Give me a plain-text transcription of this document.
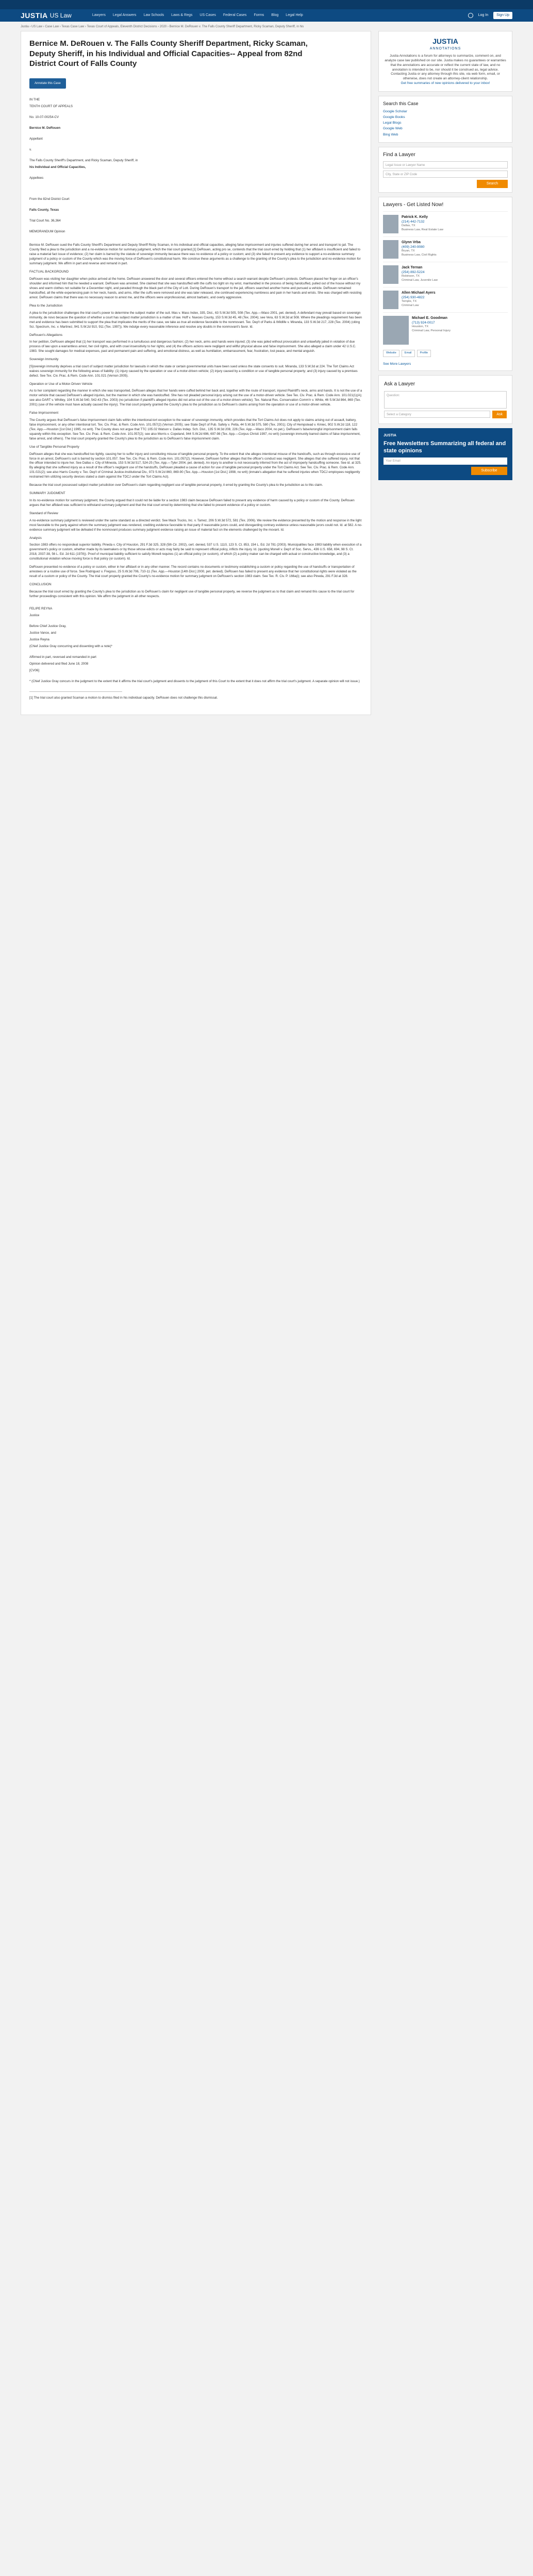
JUSTIA US Law	Lawyers Legal Answers Law Schools Laws & Regs US Cases Federal Cases Forms Blog Legal Help	Log In	Sign Up
Justia › US Law › Case Law › Texas Case Law › Texas Court of Appeals, Eleventh District Decisions › 2020 › Bernice M. DeRouen v. The Falls County Sheriff Department, Ricky Scaman, Deputy Sheriff, in his
Bernice M. DeRouen v. The Falls County Sheriff Department, Ricky Scaman, Deputy Sheriff, in his Individual and Official Capacities-- Appeal from 82nd District Court of Falls County
Annotate this Case
IN THE
TENTH COURT OF APPEALS
No. 10-07-00254-CV
Bernice M. DeRouen
Appellant
v.
The Falls County Sheriff's Department, and Ricky Scaman, Deputy Sheriff, in
his Individual and Official Capacities,
Appellees
From the 82nd District Court
Falls County, Texas
Trial Court No. 36,364
MEMORANDUM Opinion
Bernice M. DeRouen sued the Falls County Sheriff's Department and Deputy Sheriff Ricky Scaman, in his individual and official capacities, alleging false imprisonment and injuries suffered during her arrest and transport to jail. The County filed a plea to the jurisdiction and a no-evidence motion for summary judgment, which the trial court granted.[1] DeRouen, acting pro se, contends that the trial court erred by holding that (1) her affidavit is insufficient and failed to raise a material fact issue of evidence; (2) her claim is barred by the statute of sovereign immunity because there was no evidence of a policy or custom; and (3) she failed to present any evidence to support a no-evidence summary judgment of a policy or custom of the County which was the moving force of DeRouen's constitutional harm. We construe these arguments as a challenge to the granting of the County's plea to the jurisdiction and no-evidence motion for summary judgment. We affirm in part and reverse and remand in part.
FACTUAL BACKGROUND
DeRouen was visiting her daughter when police arrived at the home. DeRouen answered the door and several officers entered the home without a search warrant despite DeRouen's protests. DeRouen placed her finger on an officer's shoulder and informed him that he needed a warrant. DeRouen was arrested. She claimed that she was handcuffed with the cuffs too tight on my wrist, manhandled in the process of being handcuffed, pulled out of the house without my shoes and warm clothes not suitable for a December night, and paraded through the black part of the City of Lott. During DeRouen's transport to the jail, officers searched another home and pursued a vehicle. DeRouen remained handcuffed, all the while experiencing pain in her neck, hands, and arms. After the cuffs were removed and she was later released, she continued experiencing numbness and pain in her hands and wrists. She was charged with resisting arrest. DeRouen claims that there was no necessary reason to arrest me, and the officers were unprofessional, almost barbaric, and overly aggressive.
Plea to the Jurisdiction
A plea to the jurisdiction challenges the trial court's power to determine the subject matter of the suit. Mas v. Mass Index, 335, Dist., 63 S.W.3d 505, 508 (Tex. App.—Waco 2001, pet. denied). A defendant may prevail based on sovereign immunity, de novo because the question of whether a court has subject matter jurisdiction is a matter of law. Hoff v. Nueces County, 153 S.W.3d 45, 48 (Tex. 2004); see Vera, 63 S.W.3d at 508. Where the pleadings requirement has been met and evidence has been submitted to support the plea that implicates the merits of the case, we take as true all evidence favorable to the nonmovant. Tex. Dep't of Parks & Wildlife v. Miranda, 133 S.W.3d 217, 228 (Tex. 2004) (citing Sci. Spectrum, Inc. v. Martinez, 941 S.W.2d 910, 911 (Tex. 1997)). We indulge every reasonable inference and resolve any doubts in the nonmovant's favor. Id.
DeRouen's Allegations
In her petition, DeRouen alleged that (1) her transport was performed in a tumultuous and dangerous fashion; (2) her neck, arms and hands were injured; (3) she was jailed without provocation and unlawfully jailed in violation of due process of law upon a warrantless arrest, her civil rights, and with cruel insensitivity to her rights; and (4) the officers actions were negligent and willful physical abuse and false imprisonment. She also alleged a claim under 42 U.S.C. 1983. She sought damages for medical expenses, past and permanent pain and suffering, and emotional distress, as well as humiliation, embarrassment, fear, frustration, lost peace, and mental anguish.
Sovereign Immunity
[S]overeign immunity deprives a trial court of subject matter jurisdiction for lawsuits in which the state or certain governmental units have been sued unless the state consents to suit. Miranda, 133 S.W.3d at 224. The Tort Claims Act waives sovereign immunity for the following areas of liability: (1) injury caused by the operation or use of a motor-driven vehicle; (2) injury caused by a condition or use of tangible personal property; and (3) injury caused by a premises defect. See Tex. Civ. Prac. & Rem. Code Ann. 101.021 (Vernon 2005).
Operation or Use of a Motor-Driven Vehicle
As to her complaint regarding the manner in which she was transported, DeRouen alleges that her hands were cuffed behind her back and, together with the route of transport, injured Plaintiff's neck, arms and hands. It is not the use of a motor vehicle that caused DeRouen's alleged injuries, but the manner in which she was handcuffed. She has not pleaded personal injury arising out the use of a motor-driven vehicle. See Tex. Civ. Prac. & Rem. Code Ann. 101.021(1)(A); see also DART v. Whitley, 104 S.W.3d 540, 542-43 (Tex. 2003) (no jurisdiction if plaintiff's alleged injuries did not arise out of the use of a motor-driven vehicle); Tex. Natural Res. Conservation Comm'n v. White, 46 S.W.3d 864, 869 (Tex. 2001) (use of the vehicle must have actually caused the injury). The trial court properly granted the County's plea to the jurisdiction as to DeRouen's claims arising from the operation or use of a motor-driven vehicle.
False Imprisonment
The County argues that DeRouen's false imprisonment claim falls within the intentional-tort exception to the waiver of sovereign immunity, which provides that the Tort Claims Act does not apply to claims arising out of assault, battery, false imprisonment, or any other intentional tort. Tex. Civ. Prac. & Rem. Code Ann. 101.057(2) (Vernon 2005); see State Dep't of Pub. Safety v. Petta, 44 S.W.3d 575, 580 (Tex. 2001); City of Hempstead v. Kmiec, 902 S.W.2d 118, 122 (Tex. App.—Houston [1st Dist.] 1995, no writ). The County does not argue that TTC 105.02 Watson v. Dallas Indep. Sch. Dist., 135 S.W.3d 208, 226 (Tex. App.—Waco 2004, no pet.). DeRouen's false/wrongful imprisonment claim falls squarely within this exception. See Tex. Civ. Prac. & Rem. Code Ann. 101.057(2); see also Morris v. Copeland, 944 S.W.2d 696, 697-98 (Tex. App.—Corpus Christi 1997, no writ) (sovereign immunity barred claims of false imprisonment, false arrest, and others). The trial court properly granted the County's plea to the jurisdiction as to DeRouen's false imprisonment claim.
Use of Tangible Personal Property
DeRouen alleges that she was handcuffed too tightly, causing her to suffer injury and constituting misuse of tangible personal property. To the extent that she alleges intentional misuse of the handcuffs, such as through excessive use of force in an arrest, DeRouen's suit is barred by section 101.057. See Tex. Civ. Prac. & Rem. Code Ann. 101.057(2). However, DeRouen further alleges that the officer's conduct was negligent. She alleges that she suffered injury, not that the officer intended to injure her. See Dallas v. City of Mineola, 153 S.W.3d 517, 524-25 (Tex. App.—Tyler 2004, pet. denied). An injury to another is not necessarily inferred from the act of improperly handcuffing someone. See id. at 325. By alleging that she suffered injury as a result of the officer's negligent use of the handcuffs, DeRouen pleaded a cause of action for use of tangible personal property under the Tort Claims Act. See Tex. Civ. Prac. & Rem. Code Ann. 101.021(2); see also Harris County v. Tex. Dep't of Criminal Justice-Institutional Div., 973 S.W.2d 860, 869-90 (Tex. App.—Houston [1st Dist.] 1998, no writ) (inmate's allegation that he suffered injuries when TDCJ employees negligently restrained him utilizing security devices stated a claim against the TDCJ under the Tort Claims Act).
Because the trial court possessed subject matter jurisdiction over DeRouen's claim regarding negligent use of tangible personal property, it erred by granting the County's plea to the jurisdiction as to this claim.
SUMMARY JUDGMENT
In its no-evidence motion for summary judgment, the County argued that it could not be liable for a section 1983 claim because DeRouen failed to present any evidence of harm caused by a policy or custom of the County. DeRouen argues that her affidavit was sufficient to withstand summary judgment and that the trial court erred by determining that she failed to present evidence of a policy or custom.
Standard of Review
A no-evidence summary judgment is reviewed under the same standard as a directed verdict. See Mack Trucks, Inc. v. Tamez, 206 S.W.3d 572, 581 (Tex. 2006). We review the evidence presented by the motion and response in the light most favorable to the party against whom the summary judgment was rendered, crediting evidence favorable to that party if reasonable jurors could, and disregarding contrary evidence unless reasonable jurors could not. Id. at 582. A no-evidence summary judgment will be defeated if the nonmovant produces summary judgment evidence raising an issue of material fact on the elements challenged by the movant. Id.
Analysis
Section 1983 offers no respondeat superior liability. Pineda v. City of Houston, 291 F.3d 325, 328 (5th Cir. 2002), cert. denied, 537 U.S. 1110, 123 S. Ct. 853, 154 L. Ed. 2d 781 (2003). Municipalities face 1983 liability when execution of a government's policy or custom, whether made by its lawmakers or by those whose edicts or acts may fairly be said to represent official policy, inflicts the injury. Id. (quoting Monell v. Dep't of Soc. Servs., 436 U.S. 658, 694, 98 S. Ct. 2018, 2037-38, 56 L. Ed. 2d 611 (1978)). Proof of municipal liability sufficient to satisfy Monell requires (1) an official policy (or custom), of which (2) a policy maker can be charged with actual or constructive knowledge, and (3) a constitutional violation whose moving force is that policy (or custom). Id.
DeRouen presented no evidence of a policy or custom, either in her affidavit or in any other manner. The record contains no documents or testimony establishing a custom or policy regarding the use of handcuffs or transportation of arrestees or a routine use of force. See Rodriguez v. Fregoso, 25 S.W.3d 706, 710-11 (Tex. App.—Houston [14th Dist.] 2000, pet. denied). DeRouen has failed to present any evidence that her constitutional rights were violated as the result of a custom or policy of the County. The trial court properly granted the County's no-evidence motion for summary judgment on DeRouen's section 1983 claim. See Tex. R. Civ. P. 166a(i); see also Pineda, 291 F.3d at 328.
CONCLUSION
Because the trial court erred by granting the County's plea to the jurisdiction as to DeRouen's claim for negligent use of tangible personal property, we reverse the judgment as to that claim and remand this cause to the trial court for further proceedings consistent with this opinion. We affirm the judgment in all other respects.
FELIPE REYNA
Justice
Before Chief Justice Gray,
Justice Vance, and
Justice Reyna
(Chief Justice Gray concurring and dissenting with a note)*
Affirmed in part, reversed and remanded in part
Opinion delivered and filed June 18, 2008
[CV06]
* (Chief Justice Gray concurs in the judgment to the extent that it affirms the trial court's judgment and dissents to the judgment of this Court to the extent that it does not affirm the trial court's judgment. A separate opinion will not issue.)
[1] The trial court also granted Scaman a motion to dismiss filed in his individual capacity. DeRouen does not challenge this dismissal.
JUSTIA
ANNOTATIONS
Justia Annotations is a forum for attorneys to summarize, comment on, and analyze case law published on our site. Justia makes no guarantees or warranties that the annotations are accurate or reflect the current state of law, and no annotation is intended to be, nor should it be construed as, legal advice. Contacting Justia or any attorney through this site, via web form, email, or otherwise, does not create an attorney-client relationship.
Get free summaries of new opinions delivered to your inbox!
Search this Case
Google Scholar
Google Books
Legal Blogs
Google Web
Bing Web
Find a Lawyer
Legal Issue or Lawyer Name
City, State or ZIP Code
Search
Lawyers - Get Listed Now!
Patrick K. Kelly
(214) 442-7132
Dallas, TX
Business Law, Real Estate Law
Glynn Vrba
(409) 240-9080
Bryan, TX
Business Law, Civil Rights
Jack Ternan
(254) 892-5224
Robinson, TX
Criminal Law, Juvenile Law
Allen Michael Ayers
(254) 930-4822
Temple, TX
Criminal Law
Michael E. Goodman
(713) 924-0017
Houston, TX
Criminal Law, Personal Injury
Website	Email	Profile
See More Lawyers
Ask a Lawyer
Question:
Select a Category	Ask
JUSTIA
Free Newsletters Summarizing all federal and state opinions
Your Email
Subscribe
